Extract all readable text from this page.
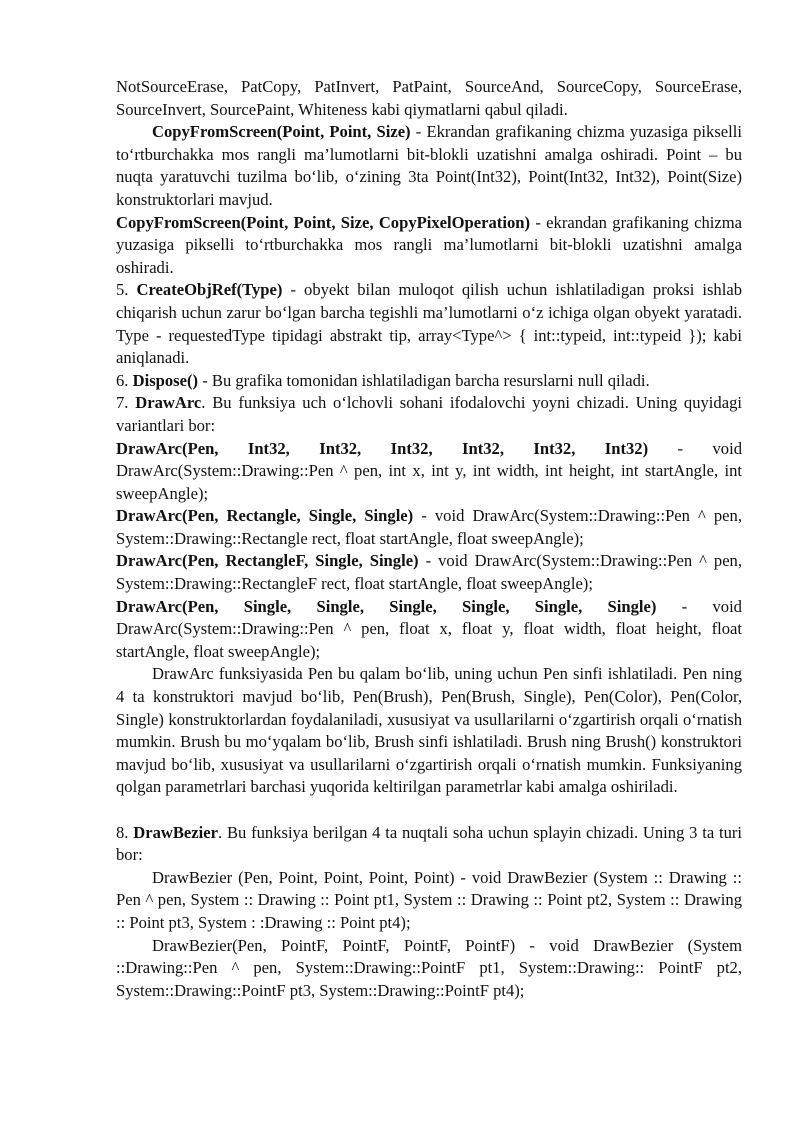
NotSourceErase, PatCopy, PatInvert, PatPaint, SourceAnd, SourceCopy, SourceErase, SourceInvert, SourcePaint, Whiteness kabi qiymatlarni qabul qiladi.

CopyFromScreen(Point, Point, Size) - Ekrandan grafikaning chizma yuzasiga pikselli to‘rtburchakka mos rangli ma’lumotlarni bit-blokli uzatishni amalga oshiradi. Point – bu nuqta yaratuvchi tuzilma bo‘lib, o‘zining 3ta Point(Int32), Point(Int32, Int32), Point(Size) konstruktorlari mavjud.

CopyFromScreen(Point, Point, Size, CopyPixelOperation) - ekrandan grafikaning chizma yuzasiga pikselli to‘rtburchakka mos rangli ma’lumotlarni bit-blokli uzatishni amalga oshiradi.

5. CreateObjRef(Type) - obyekt bilan muloqot qilish uchun ishlatiladigan proksi ishlab chiqarish uchun zarur bo‘lgan barcha tegishli ma’lumotlarni o‘z ichiga olgan obyekt yaratadi. Type - requestedType tipidagi abstrakt tip, array<Type^> { int::typeid, int::typeid }); kabi aniqlanadi.

6. Dispose() - Bu grafika tomonidan ishlatiladigan barcha resurslarni null qiladi.

7. DrawArc. Bu funksiya uch o‘lchovli sohani ifodalovchi yoyni chizadi. Uning quyidagi variantlari bor:

DrawArc(Pen, Int32, Int32, Int32, Int32, Int32, Int32) - void DrawArc(System::Drawing::Pen ^ pen, int x, int y, int width, int height, int startAngle, int sweepAngle);

DrawArc(Pen, Rectangle, Single, Single) - void DrawArc(System::Drawing::Pen ^ pen, System::Drawing::Rectangle rect, float startAngle, float sweepAngle);

DrawArc(Pen, RectangleF, Single, Single) - void DrawArc(System::Drawing::Pen ^ pen, System::Drawing::RectangleF rect, float startAngle, float sweepAngle);

DrawArc(Pen, Single, Single, Single, Single, Single, Single) - void DrawArc(System::Drawing::Pen ^ pen, float x, float y, float width, float height, float startAngle, float sweepAngle);

DrawArc funksiyasida Pen bu qalam bo‘lib, uning uchun Pen sinfi ishlatiladi. Pen ning 4 ta konstruktori mavjud bo‘lib, Pen(Brush), Pen(Brush, Single), Pen(Color), Pen(Color, Single) konstruktorlardan foydalaniladi, xususiyat va usullarilarni o‘zgartirish orqali o‘rnatish mumkin. Brush bu mo‘yqalam bo‘lib, Brush sinfi ishlatiladi. Brush ning Brush() konstruktori mavjud bo‘lib, xususiyat va usullarilarni o‘zgartirish orqali o‘rnatish mumkin. Funksiyaning qolgan parametrlari barchasi yuqorida keltirilgan parametrlar kabi amalga oshiriladi.

8. DrawBezier. Bu funksiya berilgan 4 ta nuqtali soha uchun splayin chizadi. Uning 3 ta turi bor:

DrawBezier (Pen, Point, Point, Point, Point) - void DrawBezier (System :: Drawing :: Pen ^ pen, System :: Drawing :: Point pt1, System :: Drawing :: Point pt2, System :: Drawing :: Point pt3, System : :Drawing :: Point pt4);

DrawBezier(Pen, PointF, PointF, PointF, PointF) - void DrawBezier (System ::Drawing::Pen ^ pen, System::Drawing::PointF pt1, System::Drawing:: PointF pt2, System::Drawing::PointF pt3, System::Drawing::PointF pt4);
